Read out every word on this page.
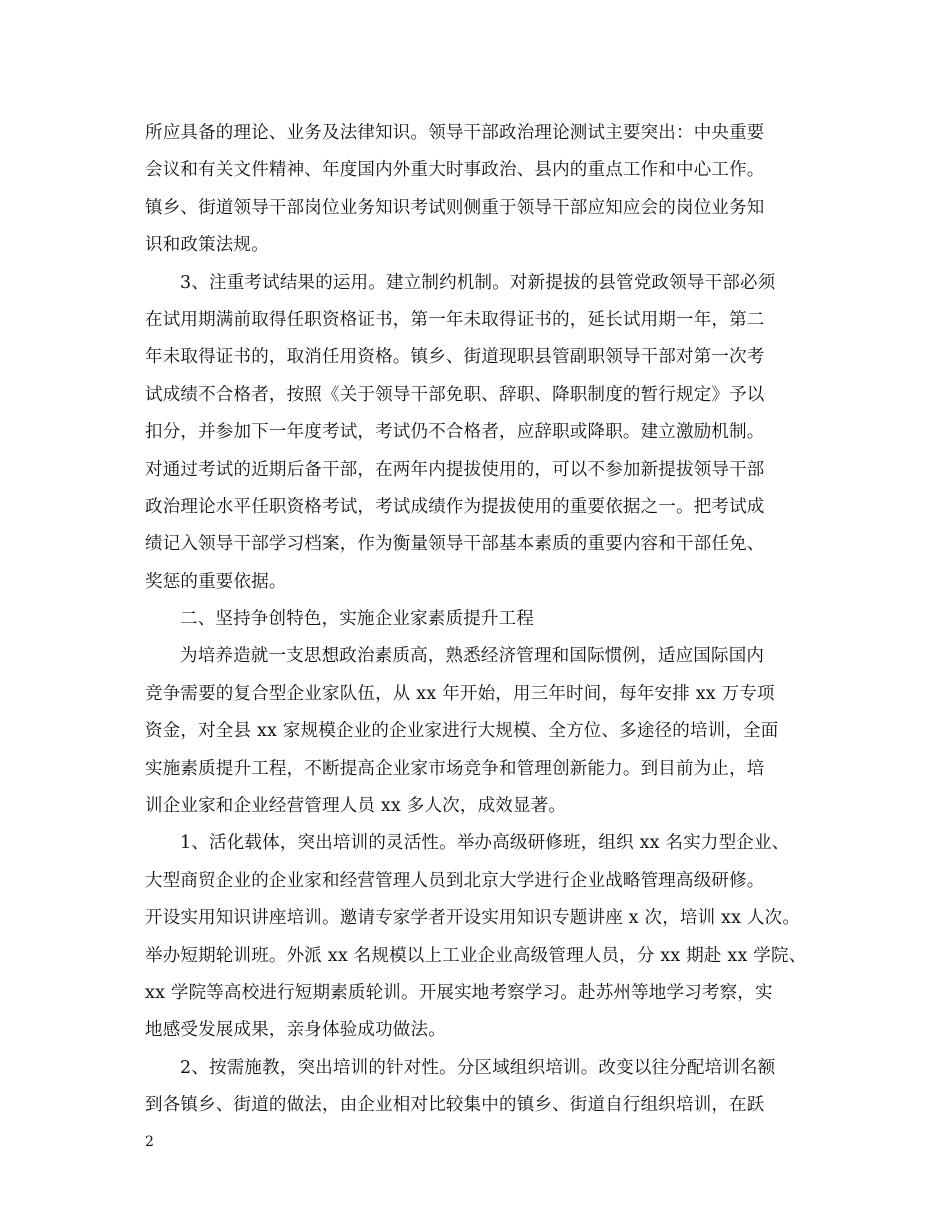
所应具备的理论、业务及法律知识。领导干部政治理论测试主要突出：中央重要
会议和有关文件精神、年度国内外重大时事政治、县内的重点工作和中心工作。
镇乡、街道领导干部岗位业务知识考试则侧重于领导干部应知应会的岗位业务知
识和政策法规。
3、注重考试结果的运用。建立制约机制。对新提拔的县管党政领导干部必须
在试用期满前取得任职资格证书，第一年未取得证书的，延长试用期一年，第二
年未取得证书的，取消任用资格。镇乡、街道现职县管副职领导干部对第一次考
试成绩不合格者，按照《关于领导干部免职、辞职、降职制度的暂行规定》予以
扣分，并参加下一年度考试，考试仍不合格者，应辞职或降职。建立激励机制。
对通过考试的近期后备干部，在两年内提拔使用的，可以不参加新提拔领导干部
政治理论水平任职资格考试，考试成绩作为提拔使用的重要依据之一。把考试成
绩记入领导干部学习档案，作为衡量领导干部基本素质的重要内容和干部任免、
奖惩的重要依据。
二、坚持争创特色，实施企业家素质提升工程
为培养造就一支思想政治素质高，熟悉经济管理和国际惯例，适应国际国内
竞争需要的复合型企业家队伍，从 xx 年开始，用三年时间，每年安排 xx 万专项
资金，对全县 xx 家规模企业的企业家进行大规模、全方位、多途径的培训，全面
实施素质提升工程，不断提高企业家市场竞争和管理创新能力。到目前为止，培
训企业家和企业经营管理人员 xx 多人次，成效显著。
1、活化载体，突出培训的灵活性。举办高级研修班，组织 xx 名实力型企业、
大型商贸企业的企业家和经营管理人员到北京大学进行企业战略管理高级研修。
开设实用知识讲座培训。邀请专家学者开设实用知识专题讲座 x 次，培训 xx 人次。
举办短期轮训班。外派 xx 名规模以上工业企业高级管理人员，分 xx 期赴 xx 学院、
xx 学院等高校进行短期素质轮训。开展实地考察学习。赴苏州等地学习考察，实
地感受发展成果，亲身体验成功做法。
2、按需施教，突出培训的针对性。分区域组织培训。改变以往分配培训名额
到各镇乡、街道的做法，由企业相对比较集中的镇乡、街道自行组织培训，在跃
2
